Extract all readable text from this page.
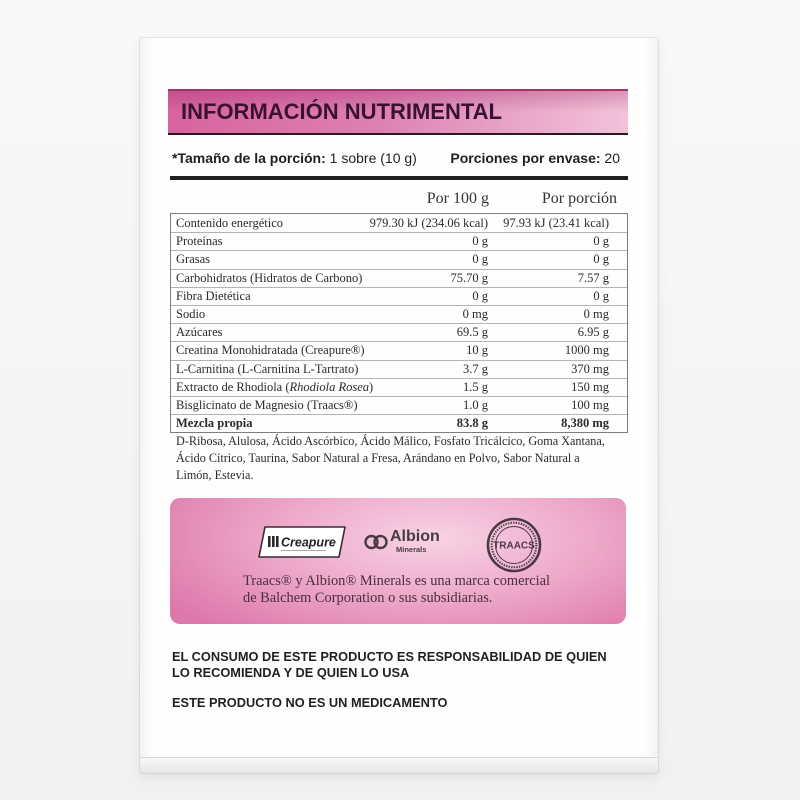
INFORMACIÓN NUTRIMENTAL
*Tamaño de la porción: 1 sobre (10 g) Porciones por envase: 20
Por 100 g	Por porción
Contenido energético	979.30 kJ (234.06 kcal)	97.93 kJ (23.41 kcal)
Proteínas	0 g	0 g
Grasas	0 g	0 g
Carbohidratos (Hidratos de Carbono)	75.70 g	7.57 g
Fibra Dietética	0 g	0 g
Sodio	0 mg	0 mg
Azúcares	69.5 g	6.95 g
Creatina Monohidratada (Creapure®)	10 g	1000 mg
L-Carnitina (L-Carnitina L-Tartrato)	3.7 g	370 mg
Extracto de Rhodiola (Rhodiola Rosea)	1.5 g	150 mg
Bisglicinato de Magnesio (Traacs®)	1.0 g	100 mg
Mezcla propia	83.8 g	8,380 mg
D-Ribosa, Alulosa, Ácido Ascórbico, Ácido Málico, Fosfato Tricálcico, Goma Xantana,
Ácido Cítrico, Taurina, Sabor Natural a Fresa, Arándano en Polvo, Sabor Natural a
Limón, Estevia.
Creapure	Albion
Minerals	TRAACS
Traacs® y Albion® Minerals es una marca comercial
de Balchem Corporation o sus subsidiarias.
EL CONSUMO DE ESTE PRODUCTO ES RESPONSABILIDAD DE QUIEN
LO RECOMIENDA Y DE QUIEN LO USA
ESTE PRODUCTO NO ES UN MEDICAMENTO
